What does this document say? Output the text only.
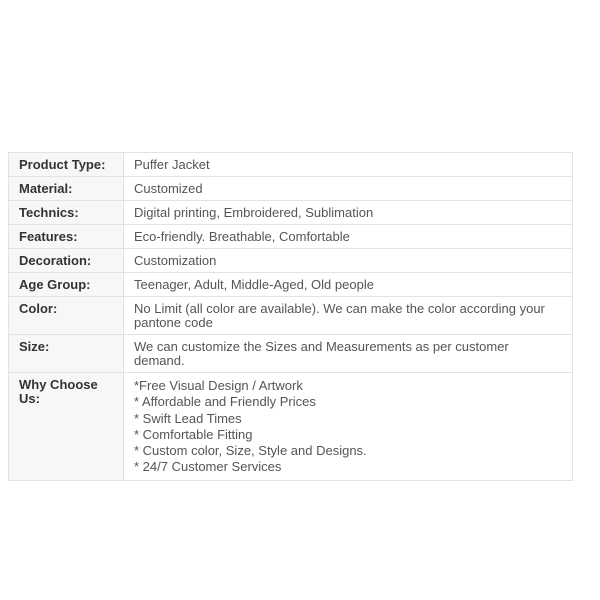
Product Type:	Puffer Jacket
Material:	Customized
Technics:	Digital printing, Embroidered, Sublimation
Features:	Eco-friendly. Breathable, Comfortable
Decoration:	Customization
Age Group:	Teenager, Adult, Middle-Aged, Old people
Color:	No Limit (all color are available). We can make the color according your pantone code
Size:	We can customize the Sizes and Measurements as per customer demand.
Why Choose Us:
*Free Visual Design / Artwork
* Affordable and Friendly Prices
* Swift Lead Times
* Comfortable Fitting
* Custom color, Size, Style and Designs.
* 24/7 Customer Services
